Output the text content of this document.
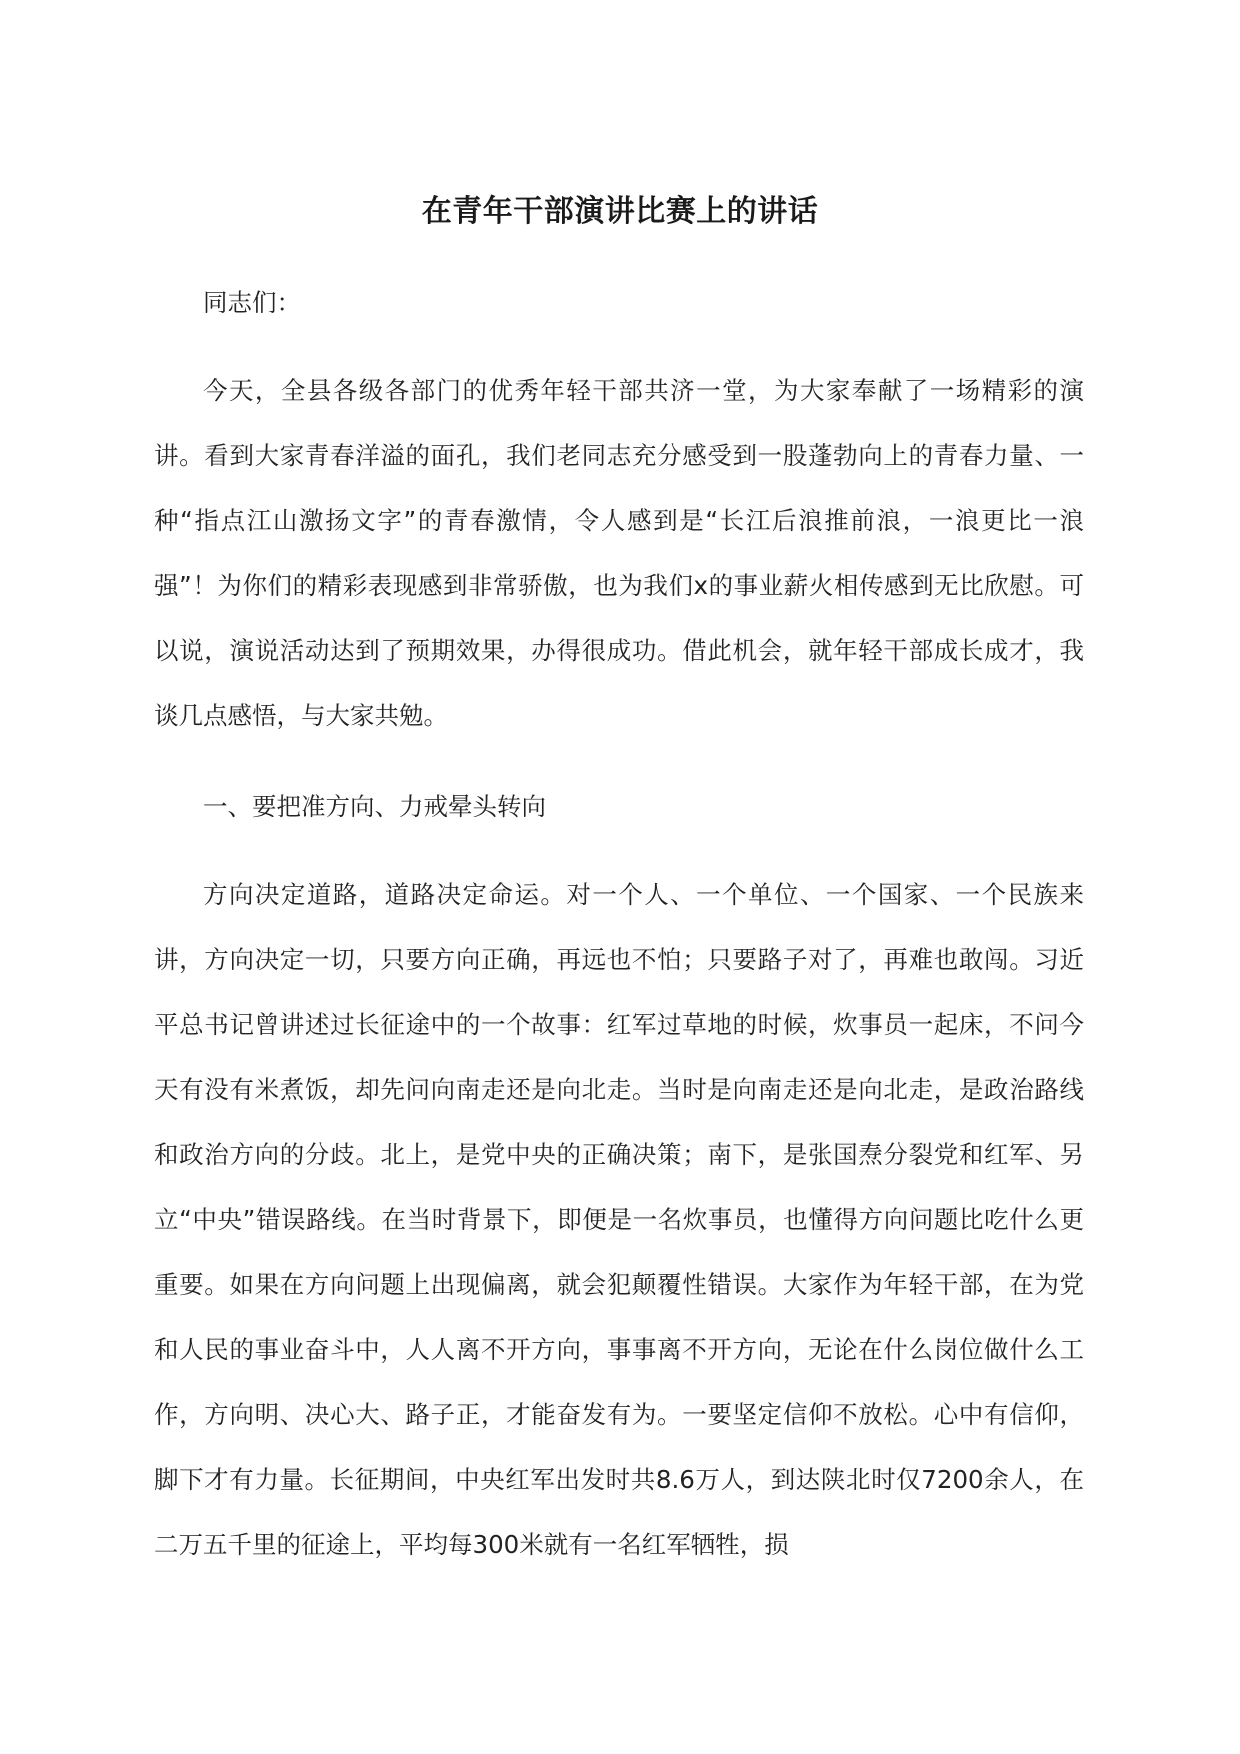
在青年干部演讲比赛上的讲话

同志们：

今天，全县各级各部门的优秀年轻干部共济一堂，为大家奉献了一场精彩的演讲。看到大家青春洋溢的面孔，我们老同志充分感受到一股蓬勃向上的青春力量、一种“指点江山激扬文字”的青春激情，令人感到是“长江后浪推前浪，一浪更比一浪强”！为你们的精彩表现感到非常骄傲，也为我们x的事业薪火相传感到无比欣慰。可以说，演说活动达到了预期效果，办得很成功。借此机会，就年轻干部成长成才，我谈几点感悟，与大家共勉。

一、要把准方向、力戒晕头转向

方向决定道路，道路决定命运。对一个人、一个单位、一个国家、一个民族来讲，方向决定一切，只要方向正确，再远也不怕；只要路子对了，再难也敢闯。习近平总书记曾讲述过长征途中的一个故事：红军过草地的时候，炊事员一起床，不问今天有没有米煮饭，却先问向南走还是向北走。当时是向南走还是向北走，是政治路线和政治方向的分歧。北上，是党中央的正确决策；南下，是张国焘分裂党和红军、另立“中央”错误路线。在当时背景下，即便是一名炊事员，也懂得方向问题比吃什么更重要。如果在方向问题上出现偏离，就会犯颠覆性错误。大家作为年轻干部，在为党和人民的事业奋斗中，人人离不开方向，事事离不开方向，无论在什么岗位做什么工作，方向明、决心大、路子正，才能奋发有为。一要坚定信仰不放松。心中有信仰，脚下才有力量。长征期间，中央红军出发时共8.6万人，到达陕北时仅7200余人，在二万五千里的征途上，平均每300米就有一名红军牺牲，损
